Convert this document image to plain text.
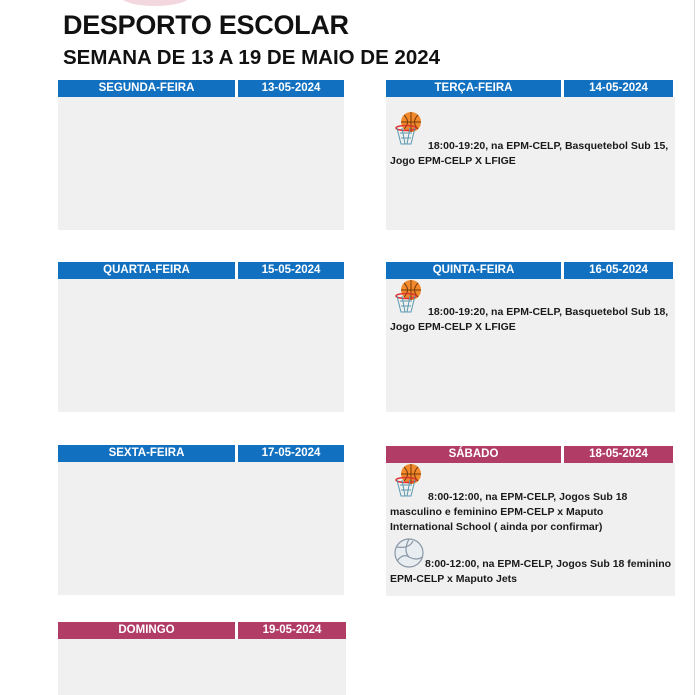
DESPORTO ESCOLAR
SEMANA DE 13 A 19 DE MAIO DE 2024
SEGUNDA-FEIRA	13-05-2024	TERÇA-FEIRA	14-05-2024
18:00-19:20, na EPM-CELP, Basquetebol Sub 15,
Jogo EPM-CELP X LFIGE
QUARTA-FEIRA	15-05-2024	QUINTA-FEIRA	16-05-2024
18:00-19:20, na EPM-CELP, Basquetebol Sub 18,
Jogo EPM-CELP X LFIGE
SEXTA-FEIRA	17-05-2024	SÁBADO	18-05-2024
8:00-12:00, na EPM-CELP, Jogos Sub 18
masculino e feminino EPM-CELP x Maputo
International School ( ainda por confirmar)
8:00-12:00, na EPM-CELP, Jogos Sub 18 feminino
EPM-CELP x Maputo Jets
DOMINGO	19-05-2024
